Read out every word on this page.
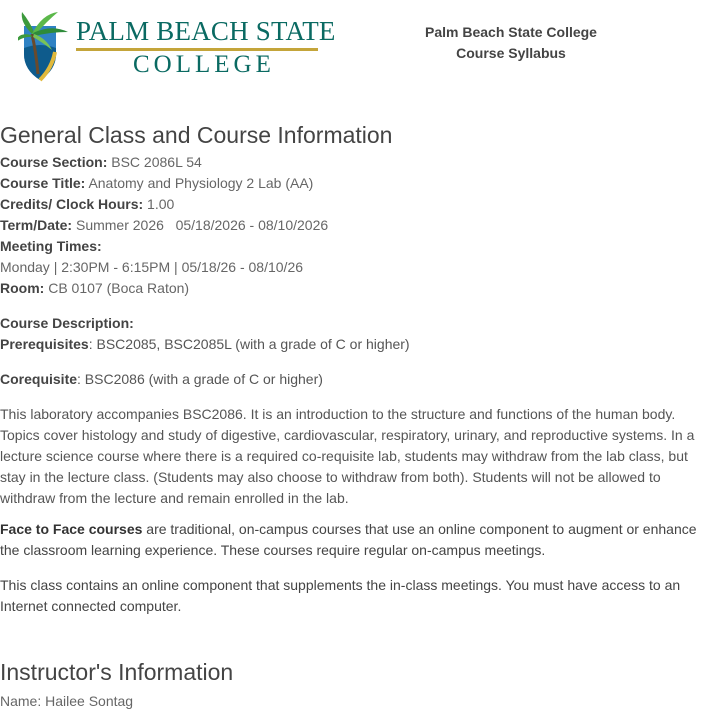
PALM BEACH STATE
COLLEGE
Palm Beach State College
Course Syllabus
General Class and Course Information

Course Section: BSC 2086L 54

Course Title: Anatomy and Physiology 2 Lab (AA)

Credits/ Clock Hours: 1.00

Term/Date: Summer 2026   05/18/2026 - 08/10/2026

Meeting Times:

Monday | 2:30PM - 6:15PM | 05/18/26 - 08/10/26

Room: CB 0107 (Boca Raton)

Course Description:

Prerequisites: BSC2085, BSC2085L (with a grade of C or higher)

Corequisite: BSC2086 (with a grade of C or higher)

This laboratory accompanies BSC2086. It is an introduction to the structure and functions of the human body. Topics cover histology and study of digestive, cardiovascular, respiratory, urinary, and reproductive systems. In a lecture science course where there is a required co-requisite lab, students may withdraw from the lab class, but stay in the lecture class. (Students may also choose to withdraw from both). Students will not be allowed to withdraw from the lecture and remain enrolled in the lab.

Face to Face courses are traditional, on-campus courses that use an online component to augment or enhance the classroom learning experience. These courses require regular on-campus meetings.

This class contains an online component that supplements the in-class meetings. You must have access to an Internet connected computer.

Instructor's Information

Name: Hailee Sontag
